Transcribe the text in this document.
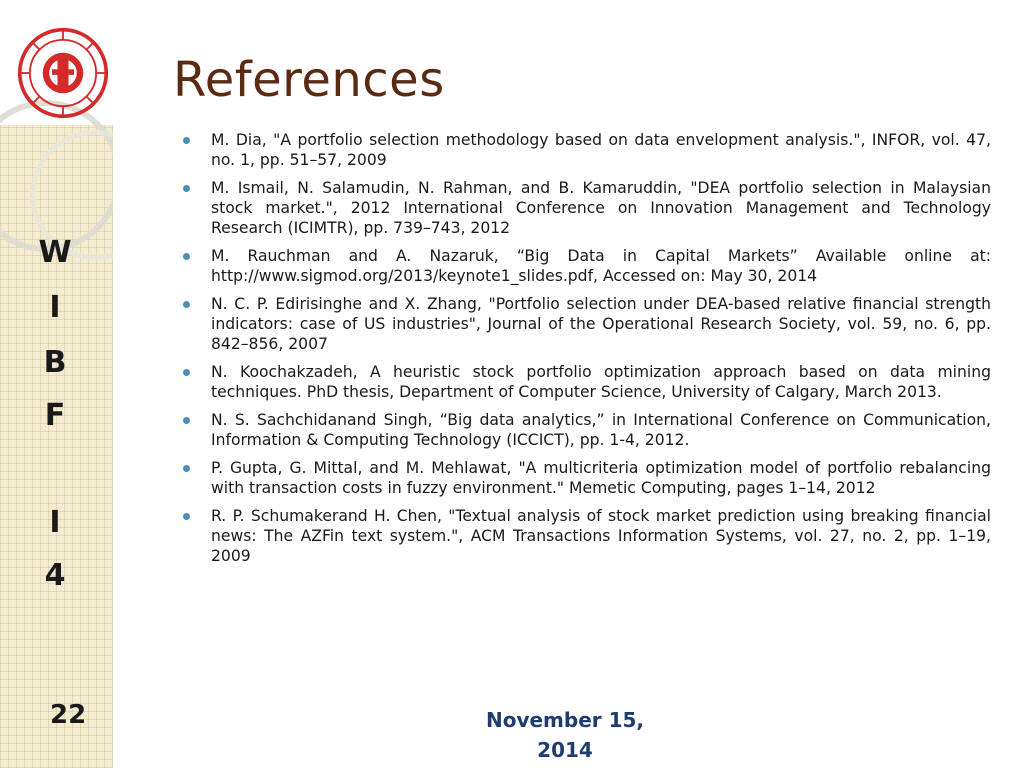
W
I
B
F
I
4
22
References
M. Dia, "A portfolio selection methodology based on data envelopment analysis.", INFOR, vol. 47, no. 1, pp. 51–57, 2009
M. Ismail, N. Salamudin, N. Rahman, and B. Kamaruddin, "DEA portfolio selection in Malaysian stock market.", 2012 International Conference on Innovation Management and Technology Research (ICIMTR), pp. 739–743, 2012
M. Rauchman and A. Nazaruk, “Big Data in Capital Markets” Available online at: http://www.sigmod.org/2013/keynote1_slides.pdf, Accessed on: May 30, 2014
N. C. P. Edirisinghe and X. Zhang, "Portfolio selection under DEA-based relative financial strength indicators: case of US industries", Journal of the Operational Research Society, vol. 59, no. 6, pp. 842–856, 2007
N. Koochakzadeh, A heuristic stock portfolio optimization approach based on data mining techniques. PhD thesis, Department of Computer Science, University of Calgary, March 2013.
N. S. Sachchidanand Singh, “Big data analytics,” in International Conference on Communication, Information & Computing Technology (ICCICT), pp. 1-4, 2012.
P. Gupta, G. Mittal, and M. Mehlawat, "A multicriteria optimization model of portfolio rebalancing with transaction costs in fuzzy environment." Memetic Computing, pages 1–14, 2012
R. P. Schumakerand H. Chen, "Textual analysis of stock market prediction using breaking financial news: The AZFin text system.", ACM Transactions Information Systems, vol. 27, no. 2, pp. 1–19, 2009
November 15,
2014
